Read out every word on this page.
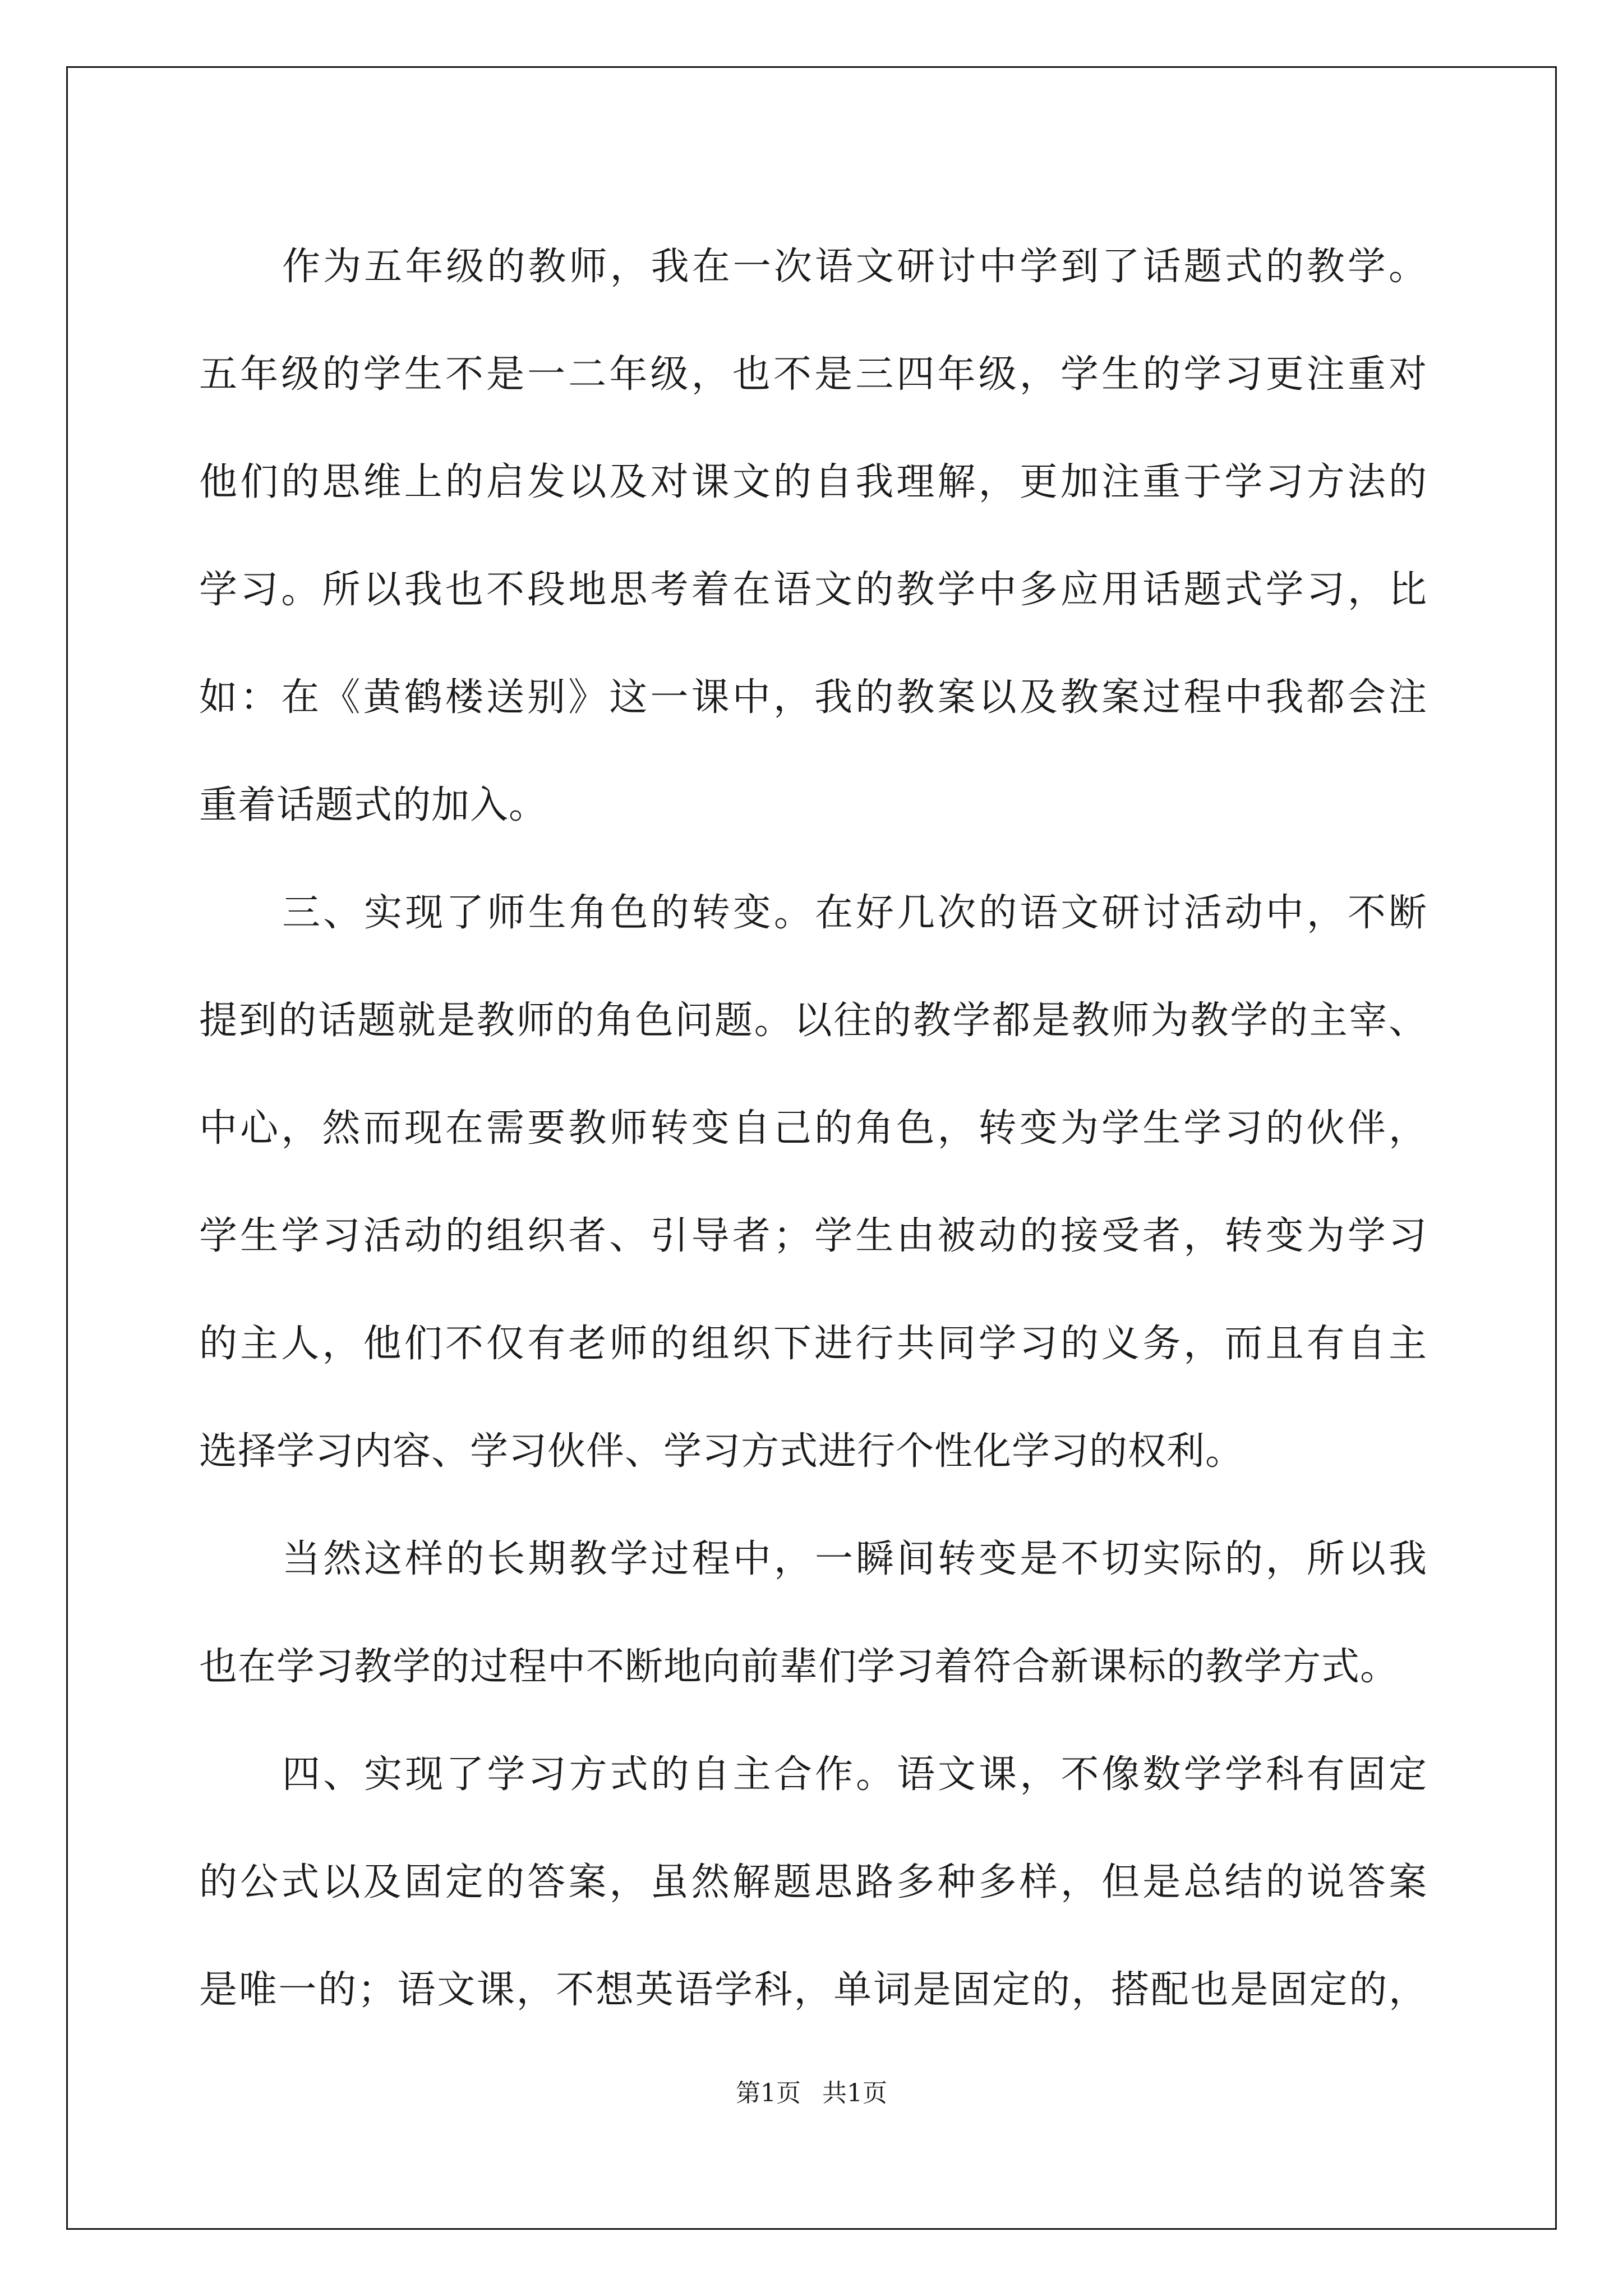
作为五年级的教师，我在一次语文研讨中学到了话题式的教学。
五年级的学生不是一二年级，也不是三四年级，学生的学习更注重对
他们的思维上的启发以及对课文的自我理解，更加注重于学习方法的
学习。所以我也不段地思考着在语文的教学中多应用话题式学习，比
如：在《黄鹤楼送别》这一课中，我的教案以及教案过程中我都会注
重着话题式的加入。
三、实现了师生角色的转变。在好几次的语文研讨活动中，不断
提到的话题就是教师的角色问题。以往的教学都是教师为教学的主宰、
中心，然而现在需要教师转变自己的角色，转变为学生学习的伙伴，
学生学习活动的组织者、引导者；学生由被动的接受者，转变为学习
的主人，他们不仅有老师的组织下进行共同学习的义务，而且有自主
选择学习内容、学习伙伴、学习方式进行个性化学习的权利。
当然这样的长期教学过程中，一瞬间转变是不切实际的，所以我
也在学习教学的过程中不断地向前辈们学习着符合新课标的教学方式。
四、实现了学习方式的自主合作。语文课，不像数学学科有固定
的公式以及固定的答案，虽然解题思路多种多样，但是总结的说答案
是唯一的；语文课，不想英语学科，单词是固定的，搭配也是固定的，
第1页 共1页
